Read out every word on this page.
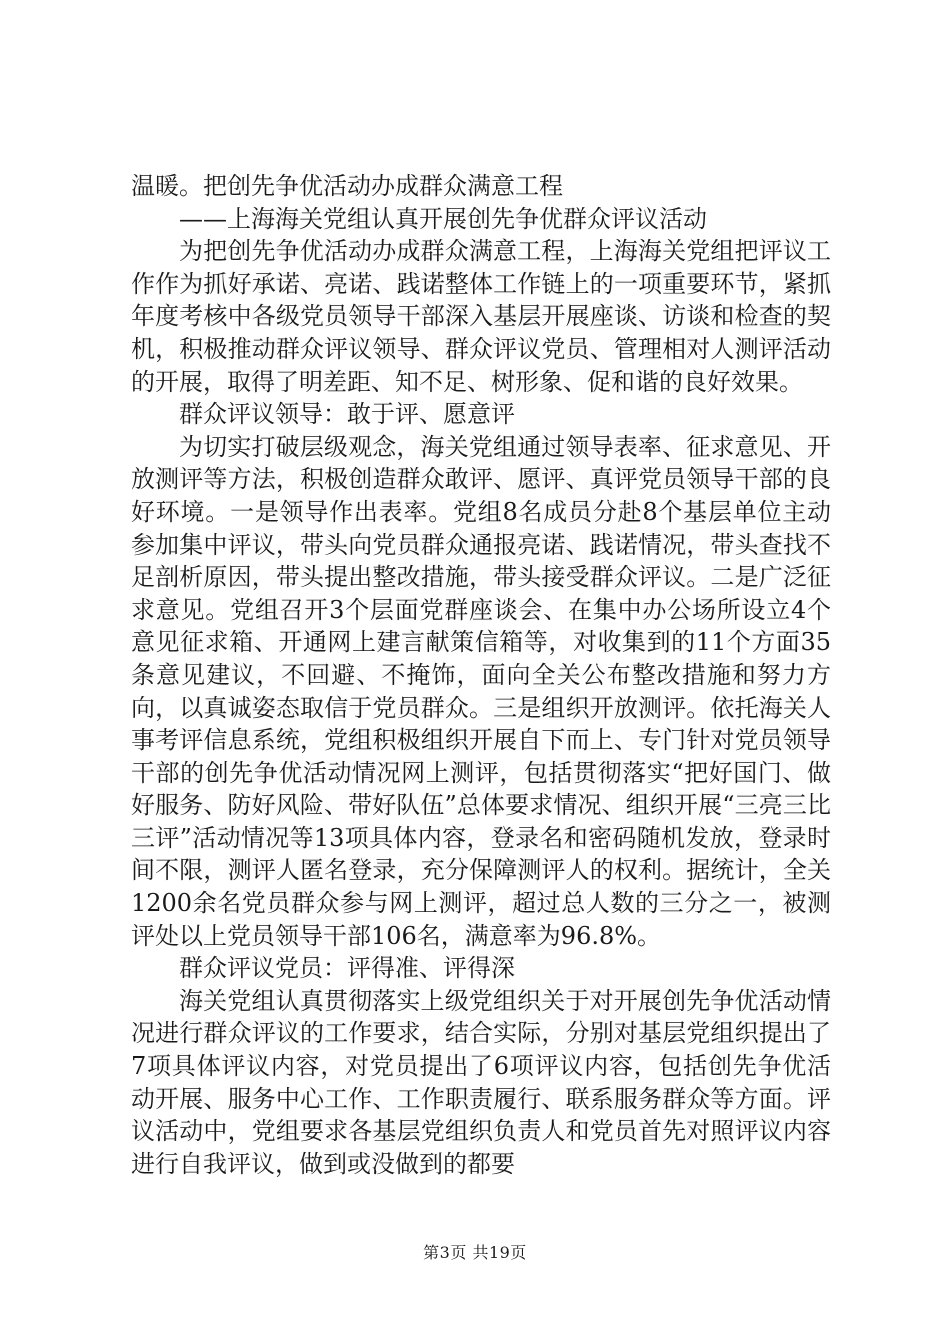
温暖。把创先争优活动办成群众满意工程

——上海海关党组认真开展创先争优群众评议活动

为把创先争优活动办成群众满意工程，上海海关党组把评议工作作为抓好承诺、亮诺、践诺整体工作链上的一项重要环节，紧抓年度考核中各级党员领导干部深入基层开展座谈、访谈和检查的契机，积极推动群众评议领导、群众评议党员、管理相对人测评活动的开展，取得了明差距、知不足、树形象、促和谐的良好效果。

群众评议领导：敢于评、愿意评

为切实打破层级观念，海关党组通过领导表率、征求意见、开放测评等方法，积极创造群众敢评、愿评、真评党员领导干部的良好环境。一是领导作出表率。党组8名成员分赴8个基层单位主动参加集中评议，带头向党员群众通报亮诺、践诺情况，带头查找不足剖析原因，带头提出整改措施，带头接受群众评议。二是广泛征求意见。党组召开3个层面党群座谈会、在集中办公场所设立4个意见征求箱、开通网上建言献策信箱等，对收集到的11个方面35条意见建议，不回避、不掩饰，面向全关公布整改措施和努力方向，以真诚姿态取信于党员群众。三是组织开放测评。依托海关人事考评信息系统，党组积极组织开展自下而上、专门针对党员领导干部的创先争优活动情况网上测评，包括贯彻落实“把好国门、做好服务、防好风险、带好队伍”总体要求情况、组织开展“三亮三比三评”活动情况等13项具体内容，登录名和密码随机发放，登录时间不限，测评人匿名登录，充分保障测评人的权利。据统计，全关1200余名党员群众参与网上测评，超过总人数的三分之一，被测评处以上党员领导干部106名，满意率为96.8%。

群众评议党员：评得准、评得深

海关党组认真贯彻落实上级党组织关于对开展创先争优活动情况进行群众评议的工作要求，结合实际，分别对基层党组织提出了7项具体评议内容，对党员提出了6项评议内容，包括创先争优活动开展、服务中心工作、工作职责履行、联系服务群众等方面。评议活动中，党组要求各基层党组织负责人和党员首先对照评议内容进行自我评议，做到或没做到的都要

第3页 共19页
